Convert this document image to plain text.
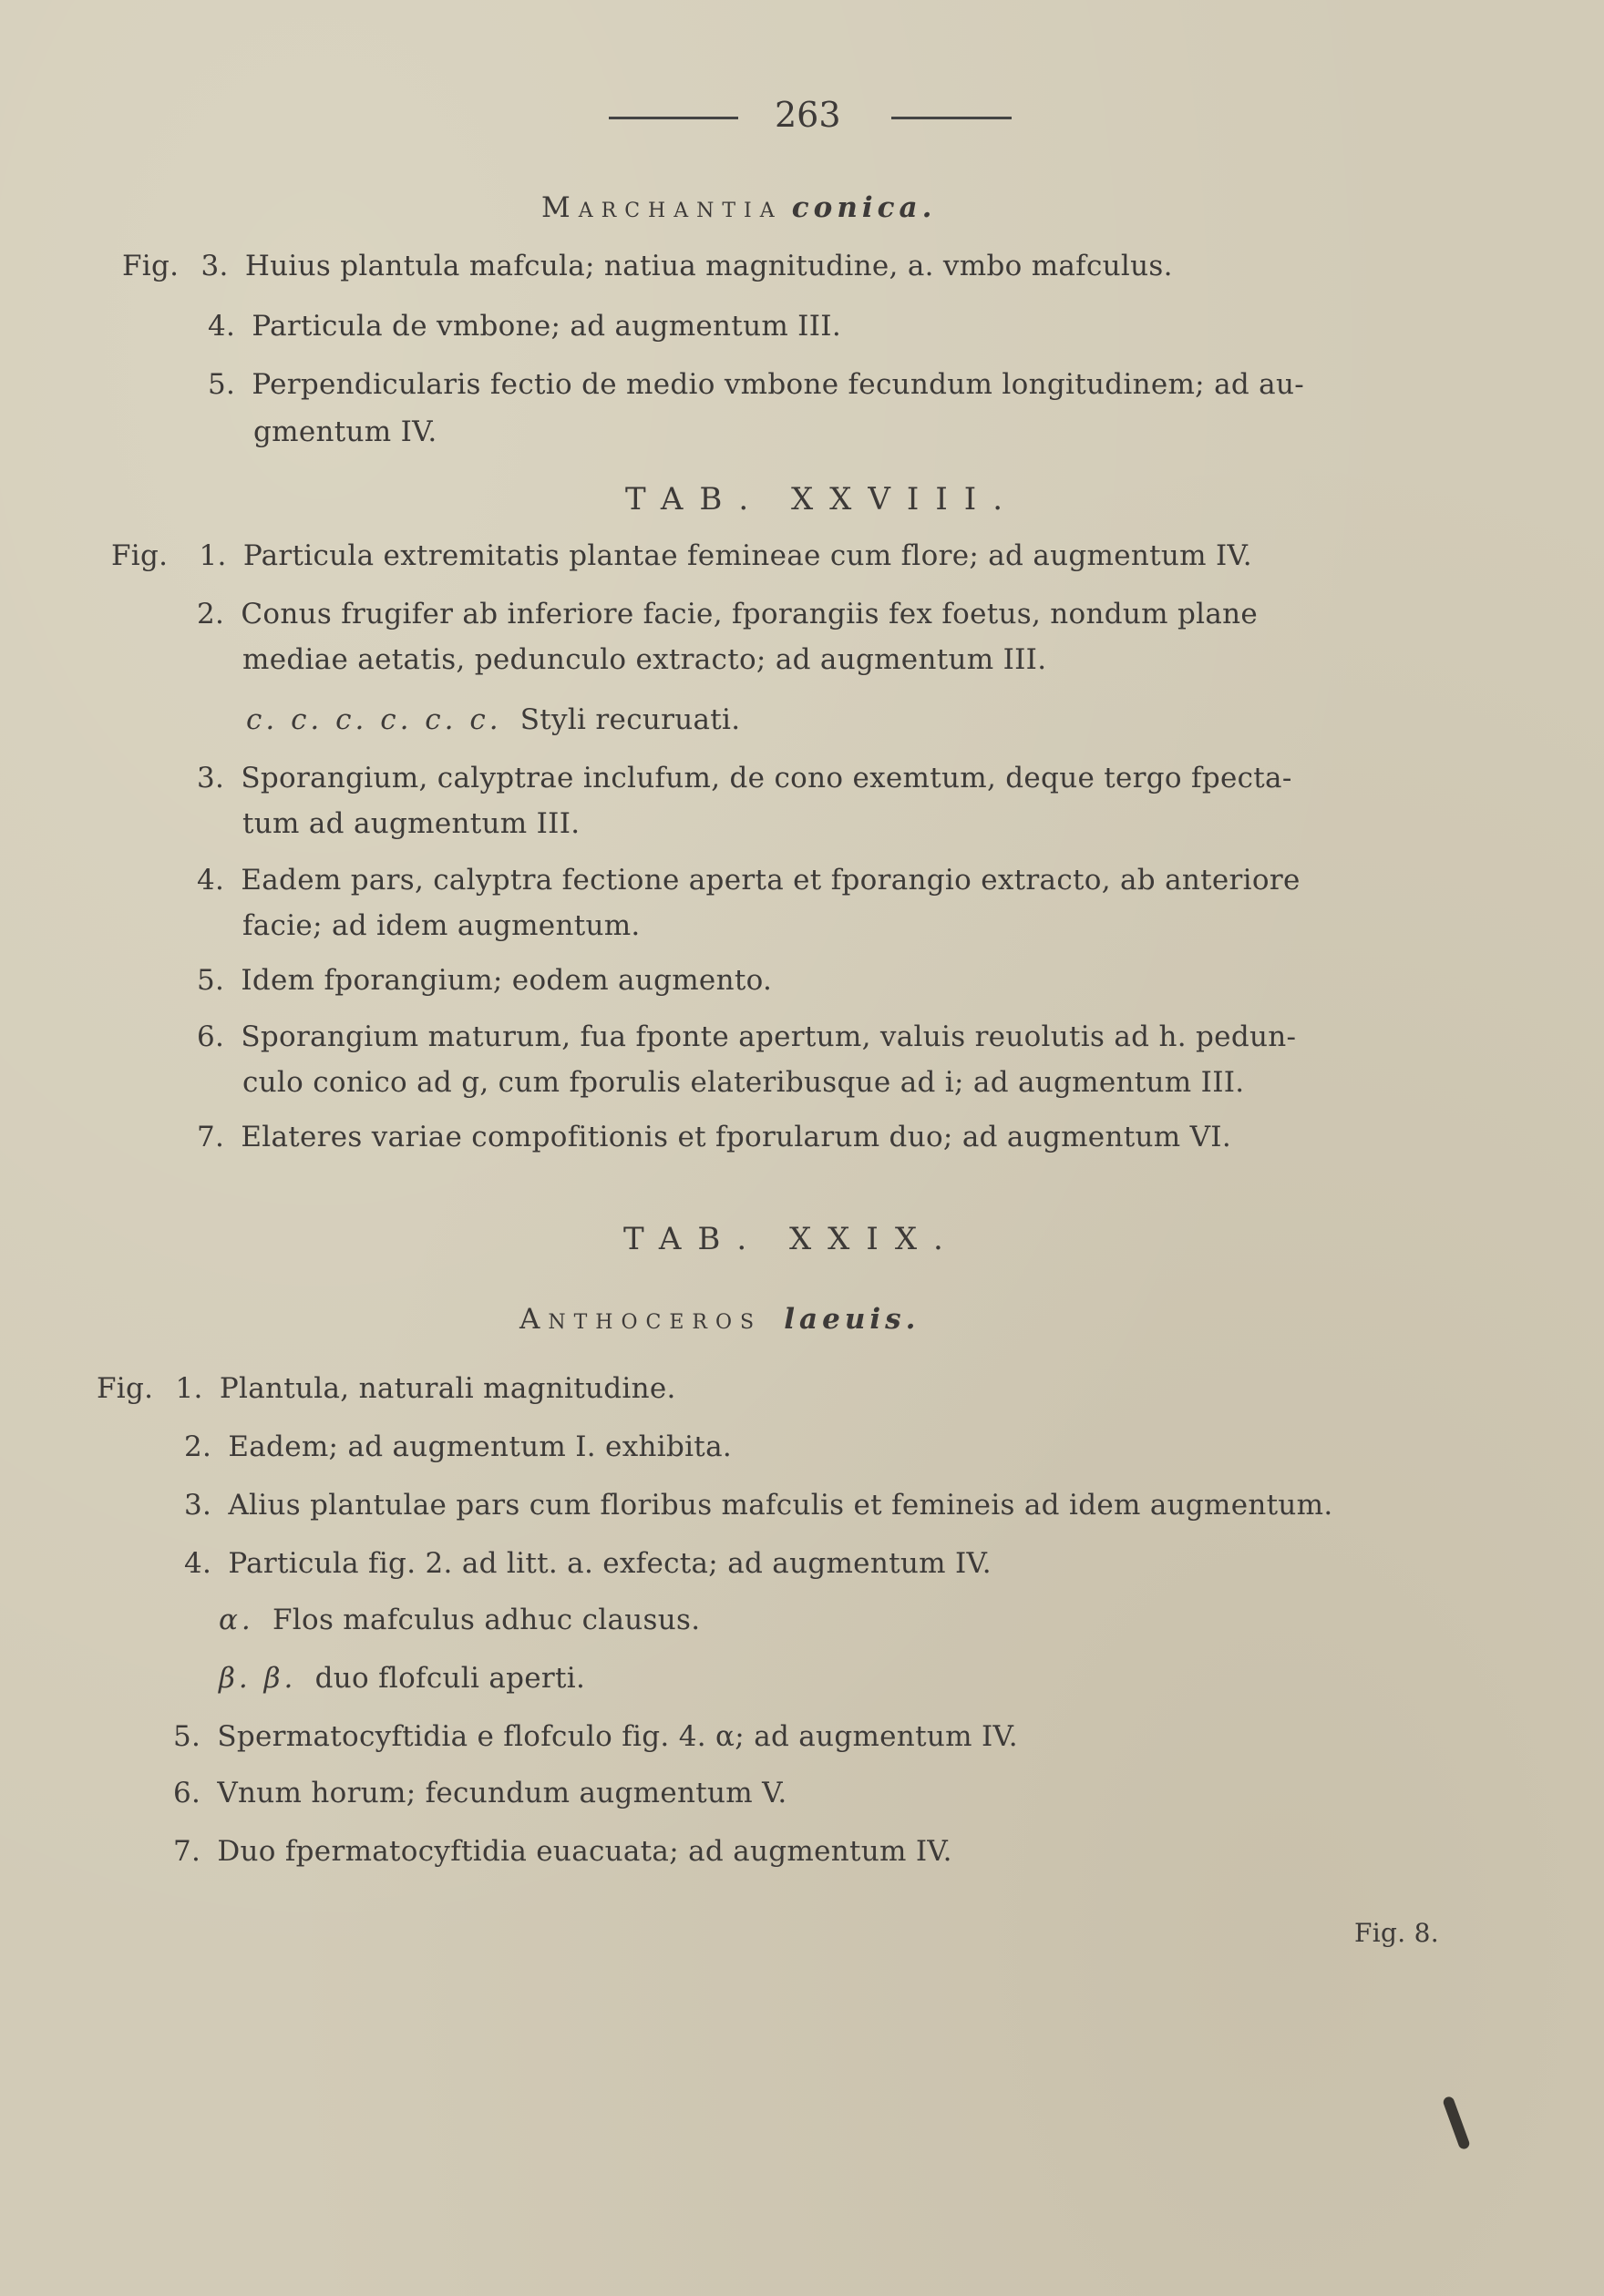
263
Marchantia conica.
Fig. 3. Huius plantula mafcula; natiua magnitudine, a. vmbo mafculus.
4. Particula de vmbone; ad augmentum III.
5. Perpendicularis fectio de medio vmbone fecundum longitudinem; ad au-
gmentum IV.
TAB. XXVIII.
Fig. 1. Particula extremitatis plantae femineae cum flore; ad augmentum IV.
2. Conus frugifer ab inferiore facie, fporangiis fex foetus, nondum plane
mediae aetatis, pedunculo extracto; ad augmentum III.
c. c. c. c. c. c. Styli recuruati.
3. Sporangium, calyptrae inclufum, de cono exemtum, deque tergo fpecta-
tum ad augmentum III.
4. Eadem pars, calyptra fectione aperta et fporangio extracto, ab anteriore
facie; ad idem augmentum.
5. Idem fporangium; eodem augmento.
6. Sporangium maturum, fua fponte apertum, valuis reuolutis ad h. pedun-
culo conico ad g, cum fporulis elateribusque ad i; ad augmentum III.
7. Elateres variae compofitionis et fporularum duo; ad augmentum VI.
TAB. XXIX.
Anthoceros laeuis.
Fig. 1. Plantula, naturali magnitudine.
2. Eadem; ad augmentum I. exhibita.
3. Alius plantulae pars cum floribus mafculis et femineis ad idem augmentum.
4. Particula fig. 2. ad litt. a. exfecta; ad augmentum IV.
α. Flos mafculus adhuc clausus.
β. β. duo flofculi aperti.
5. Spermatocyftidia e flofculo fig. 4. α; ad augmentum IV.
6. Vnum horum; fecundum augmentum V.
7. Duo fpermatocyftidia euacuata; ad augmentum IV.
Fig. 8.
